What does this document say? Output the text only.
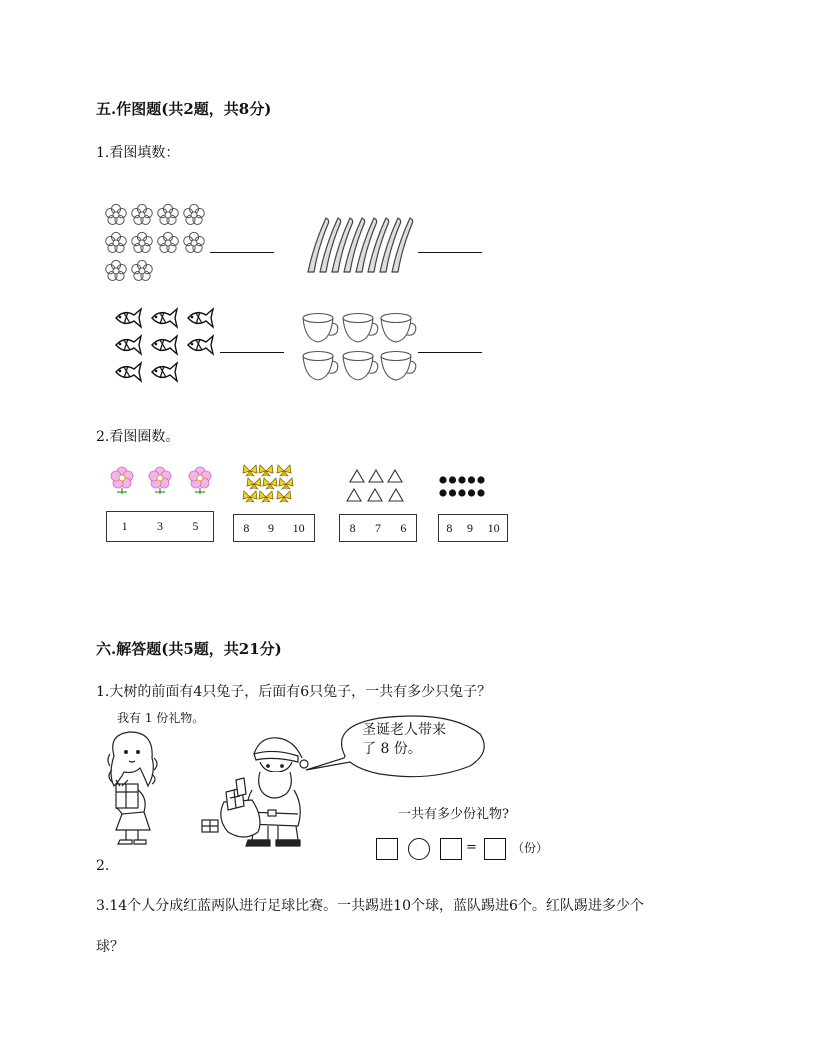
五.作图题(共2题，共8分)
1.看图填数：
2.看图圈数。
1 3 5	8 9 10	8 7 6	8 9 10
六.解答题(共5题，共21分)
1.大树的前面有4只兔子，后面有6只兔子，一共有多少只兔子？
我有 1 份礼物。
圣诞老人带来
了 8 份。
一共有多少份礼物?
=	（份）
2.
3.14个人分成红蓝两队进行足球比赛。一共踢进10个球，蓝队踢进6个。红队踢进多少个
球？
